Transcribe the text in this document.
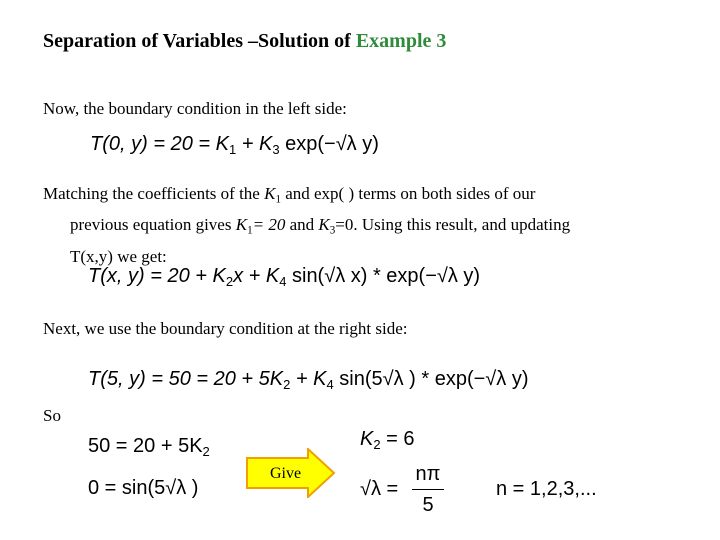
Separation of Variables –Solution of Example 3
Now, the boundary condition in the left side:
T(0, $y) = 20 = K_1 + K_3$ exp(−√λ y)
Matching the coefficients of the $K_1$ and exp( ) terms on both sides of our
previous equation gives $K_1= 20$ and $K_3=0$. Using this result, and updating
T(x,y) we get:
T(x, $y) = 20 + K_2x + K_4$ sin(√λ x) * exp(−√λ y)
Next, we use the boundary condition at the right side:
T(5, $y) = 50 = 20 + 5K_2 + K_4$ sin(5√λ ) * exp(−√λ y)
So
$50 = 20 + 5K_2$
0 = sin(5√λ )
Give
$K_2 = 6$
√λ =
nπ
5
n = 1,2,3,...
